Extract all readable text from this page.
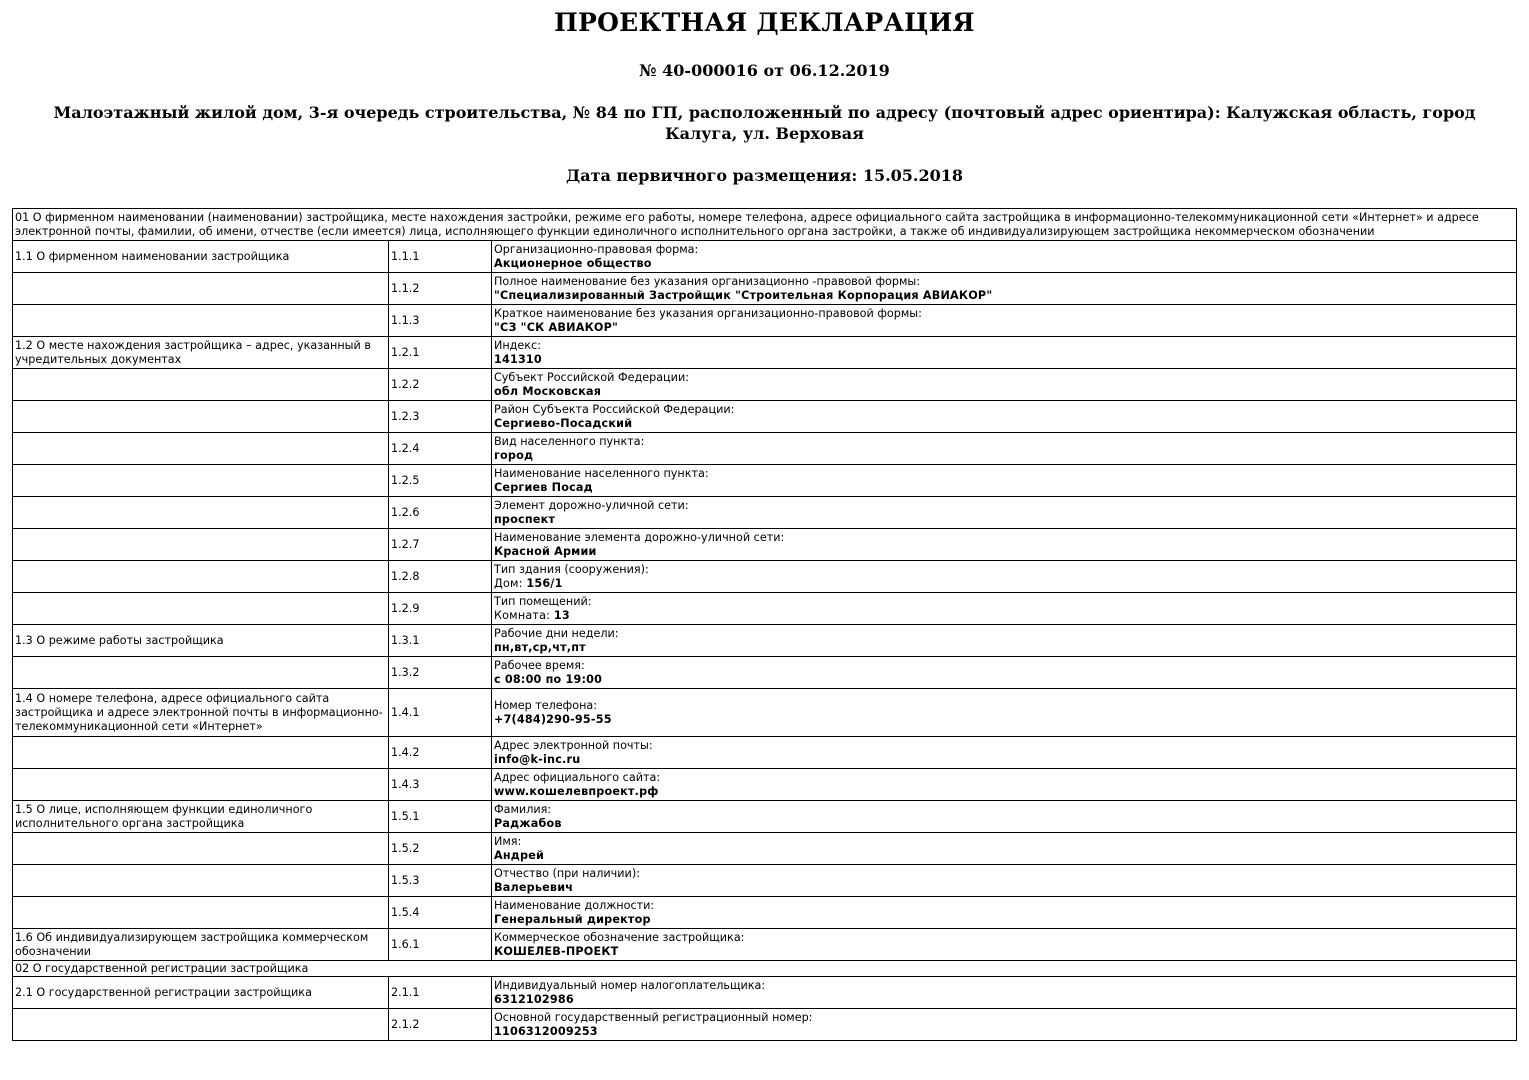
ПРОЕКТНАЯ ДЕКЛАРАЦИЯ
№ 40-000016 от 06.12.2019
Малоэтажный жилой дом, 3-я очередь строительства, № 84 по ГП, расположенный по адресу (почтовый адрес ориентира): Калужская область, город Калуга, ул. Верховая
Дата первичного размещения: 15.05.2018
01 О фирменном наименовании (наименовании) застройщика, месте нахождения застройки, режиме его работы, номере телефона, адресе официального сайта застройщика в информационно-телекоммуникационной сети «Интернет» и адресе электронной почты, фамилии, об имени, отчестве (если имеется) лица, исполняющего функции единоличного исполнительного органа застройки, а также об индивидуализирующем застройщика некоммерческом обозначении		
1.1 О фирменном наименовании застройщика	1.1.1	Организационно-правовая форма:
Акционерное общество

	1.1.2	Полное наименование без указания организационно -правовой формы:
"Специализированный Застройщик "Строительная Корпорация АВИАКОР"

	1.1.3	Краткое наименование без указания организационно-правовой формы:
"СЗ "СК АВИАКОР"

1.2 О месте нахождения застройщика – адрес, указанный в учредительных документах	1.2.1	Индекс:
141310

	1.2.2	Субъект Российской Федерации:
обл Московская

	1.2.3	Район Субъекта Российской Федерации:
Сергиево-Посадский

	1.2.4	Вид населенного пункта:
город

	1.2.5	Наименование населенного пункта:
Сергиев Посад

	1.2.6	Элемент дорожно-уличной сети:
проспект

	1.2.7	Наименование элемента дорожно-уличной сети:
Красной Армии

	1.2.8	Тип здания (сооружения):
Дом: 156/1

	1.2.9	Тип помещений:
Комната: 13

1.3 О режиме работы застройщика	1.3.1	Рабочие дни недели:
пн,вт,ср,чт,пт

	1.3.2	Рабочее время:
с 08:00 по 19:00

1.4 О номере телефона, адресе официального сайта застройщика и адресе электронной почты в информационно-телекоммуникационной сети «Интернет»	1.4.1	Номер телефона:
+7(484)290-95-55

	1.4.2	Адрес электронной почты:
info@k-inc.ru

	1.4.3	Адрес официального сайта:
www.кошелевпроект.рф

1.5 О лице, исполняющем функции единоличного исполнительного органа застройщика	1.5.1	Фамилия:
Раджабов

	1.5.2	Имя:
Андрей

	1.5.3	Отчество (при наличии):
Валерьевич

	1.5.4	Наименование должности:
Генеральный директор

1.6 Об индивидуализирующем застройщика коммерческом обозначении	1.6.1	Коммерческое обозначение застройщика:
КОШЕЛЕВ-ПРОЕКТ

02 О государственной регистрации застройщика		
2.1 О государственной регистрации застройщика	2.1.1	Индивидуальный номер налогоплательщика:
6312102986

	2.1.2	Основной государственный регистрационный номер:
1106312009253
